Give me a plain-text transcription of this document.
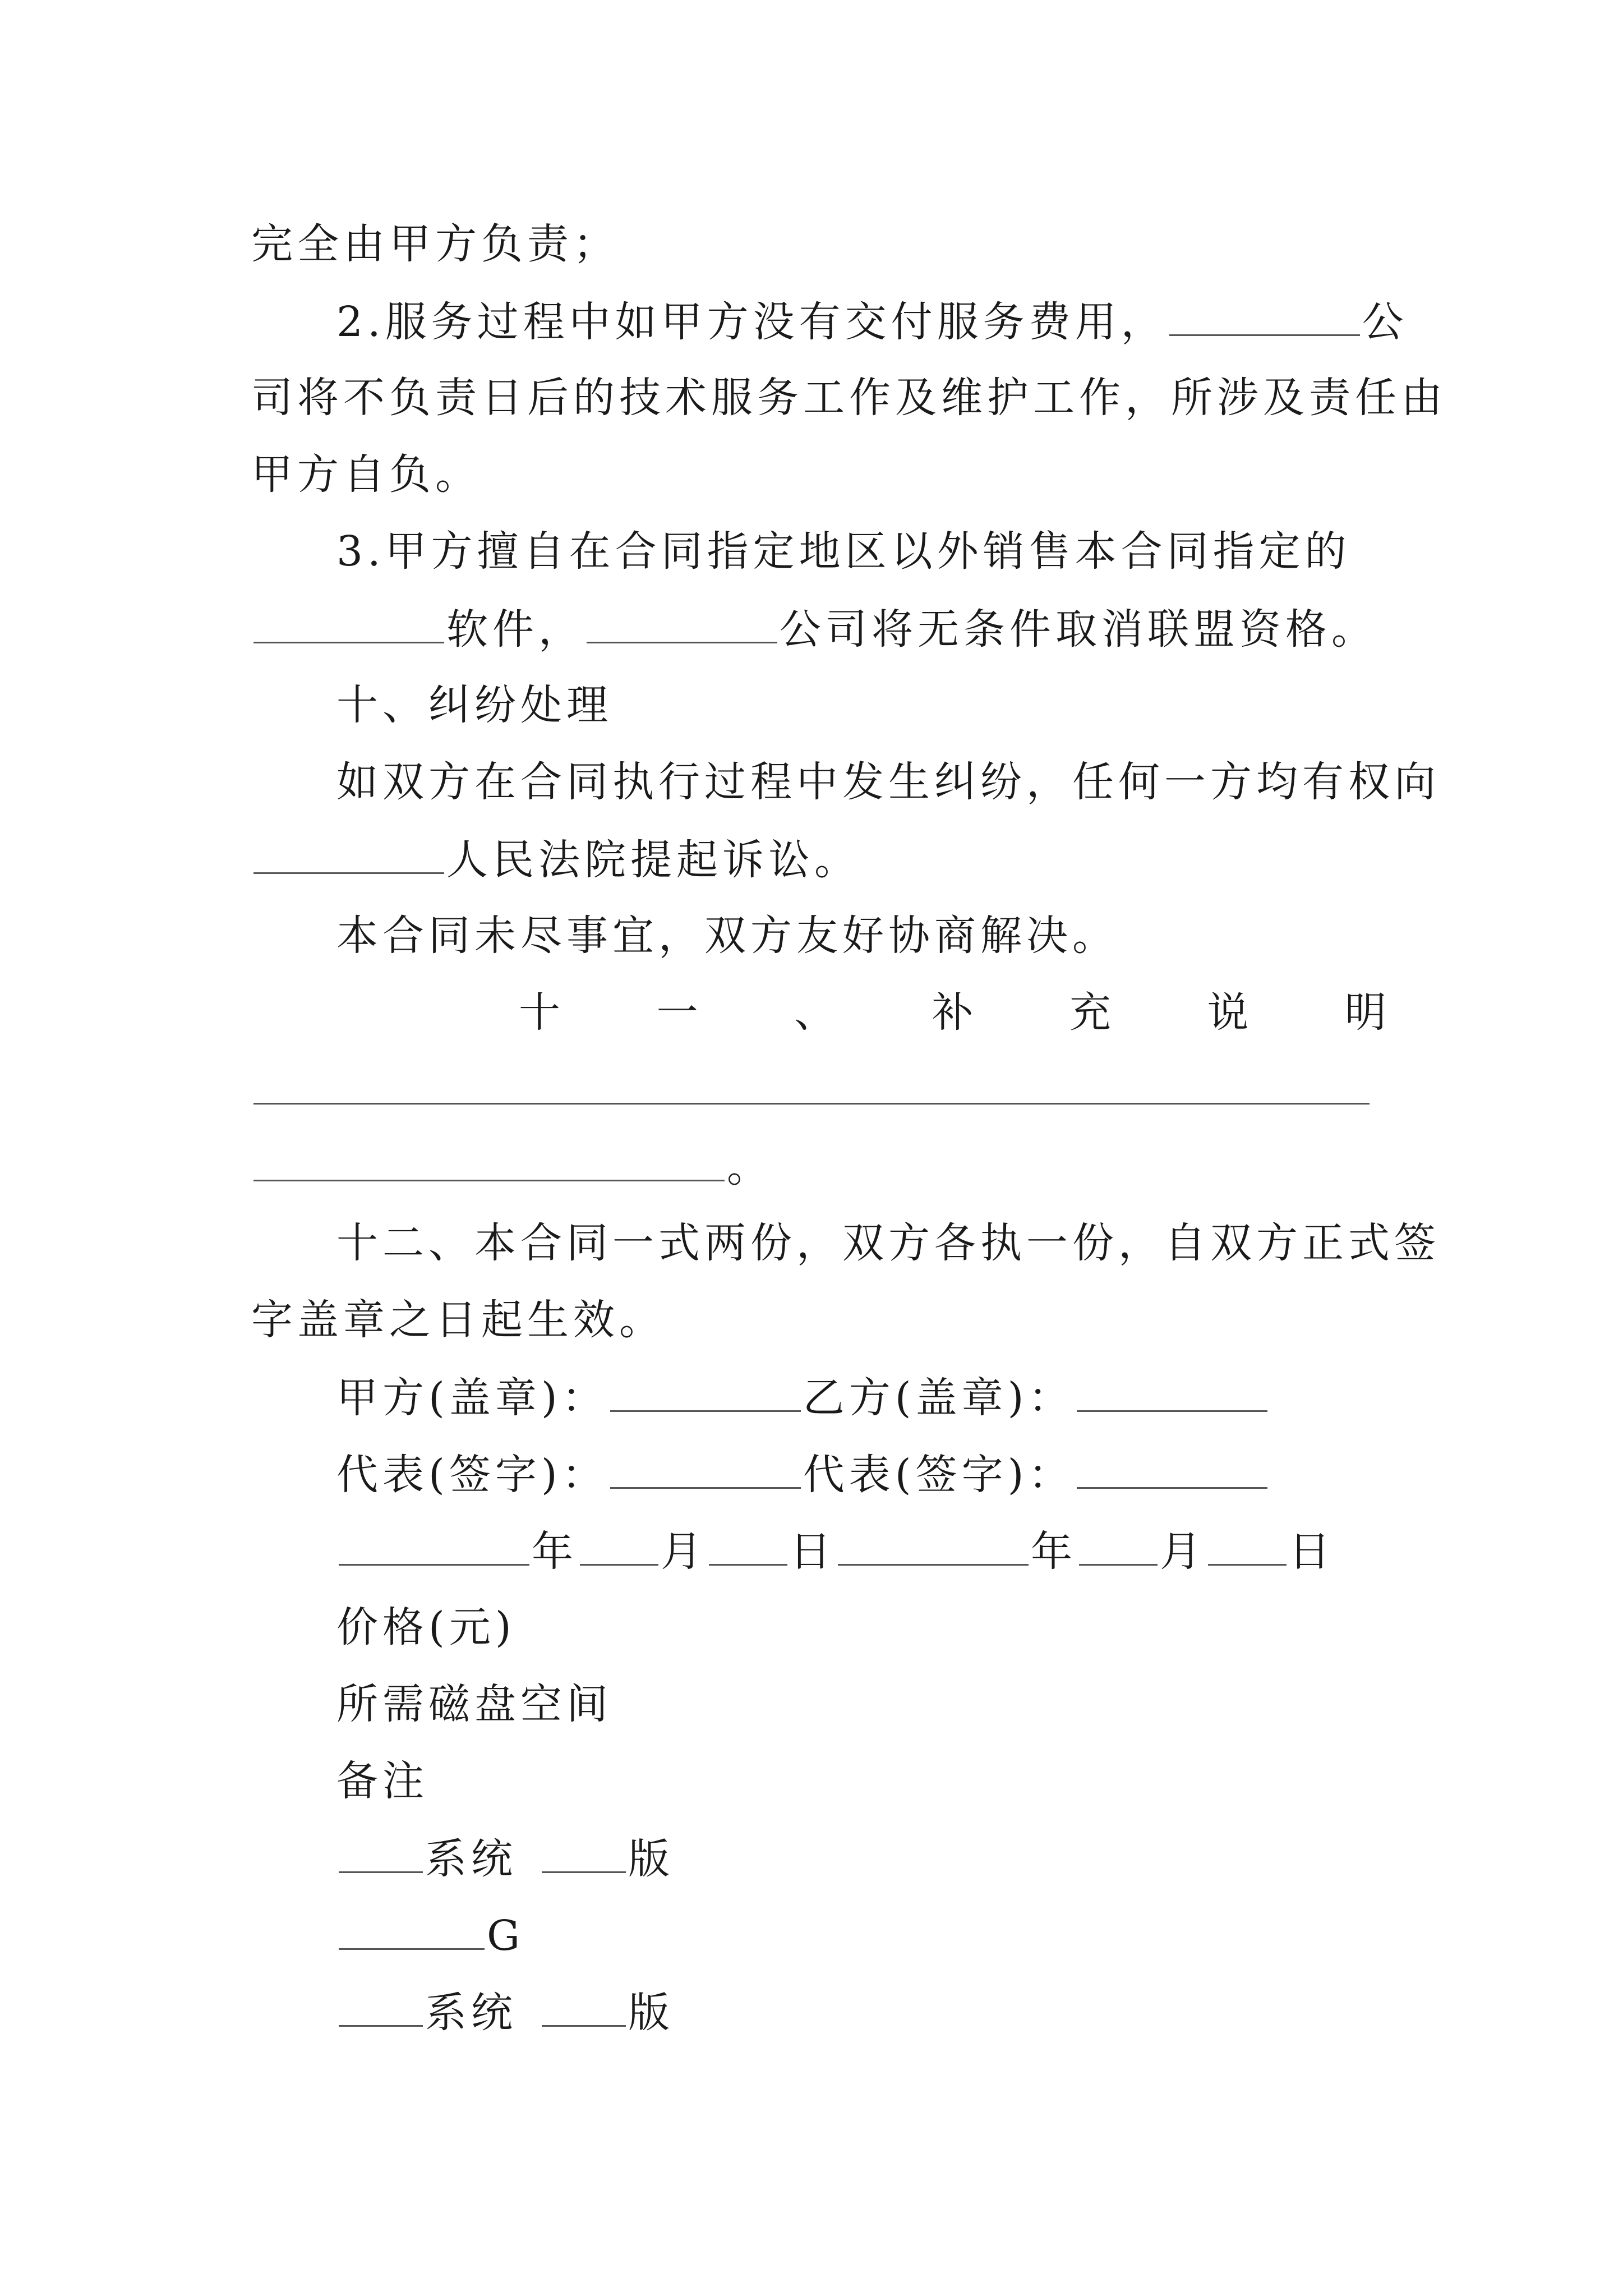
完全由甲方负责；
2.服务过程中如甲方没有交付服务费用，	公
司将不负责日后的技术服务工作及维护工作，所涉及责任由
甲方自负。
3.甲方擅自在合同指定地区以外销售本合同指定的
软件，	公司将无条件取消联盟资格。
十、纠纷处理
如双方在合同执行过程中发生纠纷，任何一方均有权向
人民法院提起诉讼。
本合同未尽事宜，双方友好协商解决。
十 一 、 补 充 说 明
。
十二、本合同一式两份，双方各执一份，自双方正式签
字盖章之日起生效。
甲方(盖章)：	乙方(盖章)：
代表(签字)：	代表(签字)：
年 月 日	年 月 日
价格(元)
所需磁盘空间
备注
系统	版
G
系统	版
